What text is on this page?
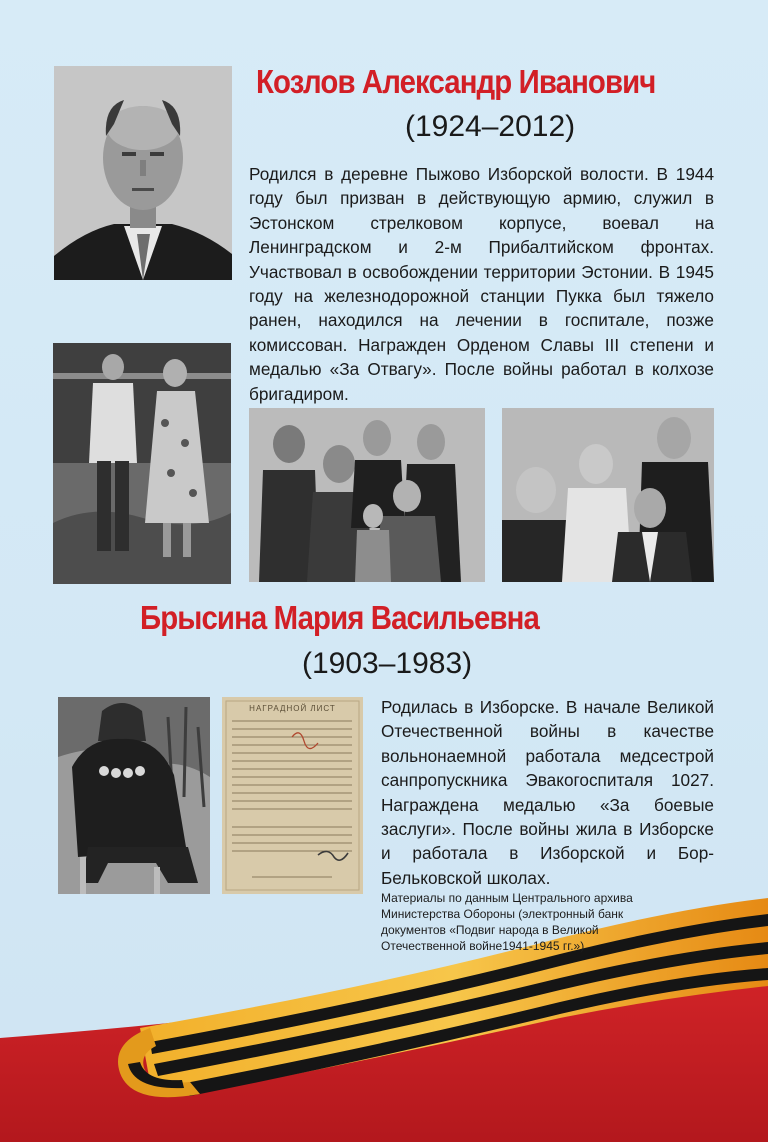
Козлов Александр Иванович
(1924–2012)

Родился в деревне Пыжово Изборской волости. В 1944 году был призван в действующую армию, служил в Эстонском стрелковом корпусе, воевал на Ленинградском и 2-м Прибалтийском фронтах. Участвовал в освобождении территории Эстонии. В 1945 году на железнодорожной станции Пукка был тяжело ранен, находился на лечении в госпитале, позже комиссован. Награжден Орденом Славы III степени и медалью «За Отвагу». После войны работал в колхозе бригадиром.

Брысина Мария Васильевна
(1903–1983)
НАГРАДНОЙ ЛИСТ	Родилась в Изборске. В начале Великой Отечественной войны в качестве вольнонаемной работала медсестрой санпропускника Эвакогоспиталя 1027. Награждена медалью «За боевые заслуги». После войны жила в Изборске и работала в Изборской и Бор-Бельковской школах.

Материалы по данным Центрального архива Министерства Обороны (электронный банк документов «Подвиг народа в Великой Отечественной войне1941-1945 гг.»)
